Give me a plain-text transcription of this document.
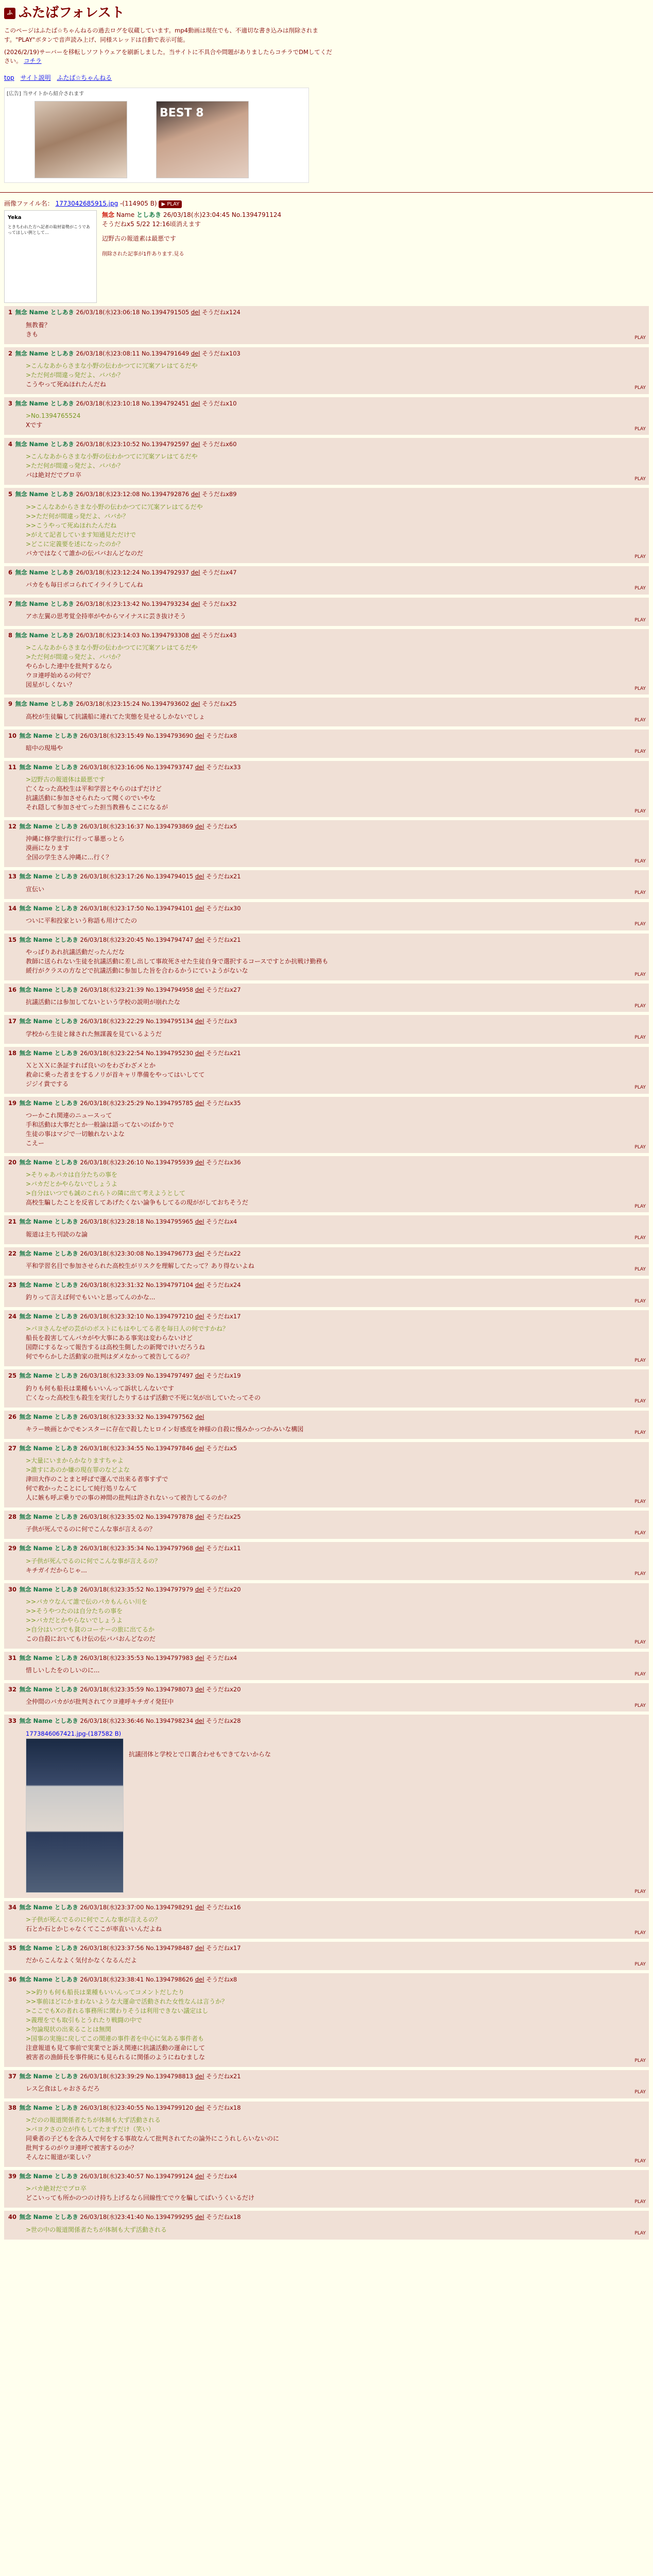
ふ ふたばフォレスト

このページはふたば☆ちゃんねるの過去ログを収蔵しています。mp4動画は現在でも、不適切な書き込みは削除されます。"PLAY"ボタンで音声読み上げ、同様スレッドは自動で表示可能。

(2026/2/19)サーバーを移転しソフトウェアを刷新しました。当サイトに不具合や問題がありましたらコチラでDMしてください。 コチラ

top サイト説明 ふたば☆ちゃんねる
[広告] 当サイトから紹介されます
BEST 8
画像ファイル名： 1773042685915.jpg -(114905 B) ▶ PLAY
Yeka
ときちわれた方へ記者の取材姿勢がこうであってほしい例として…
無念 Name としあき 26/03/18(水)23:04:45 No.1394791124
そうだねx5 5/22 12:16頃消えます
辺野古の報道素は最悪です
削除された記事が1件あります.見る
1 無念 Name としあき 26/03/18(水)23:06:18 No.1394791505 del そうだねx124
無教養？
きも
PLAY
2 無念 Name としあき 26/03/18(水)23:08:11 No.1394791649 del そうだねx103
>こんなあからさまな小野の伝わかつてに冗案アレはてるだや
>ただ何が間違っ発だよ、ババか？
こうやって死ぬほれたんだね
PLAY
3 無念 Name としあき 26/03/18(水)23:10:18 No.1394792451 del そうだねx10
>No.1394765524
Xです
PLAY
4 無念 Name としあき 26/03/18(水)23:10:52 No.1394792597 del そうだねx60
>こんなあからさまな小野の伝わかつてに冗案アレはてるだや
>ただ何が間違っ発だよ、ババか？
バは絶対だでプロ卒
PLAY
5 無念 Name としあき 26/03/18(水)23:12:08 No.1394792876 del そうだねx89
>>こんなあからさまな小野の伝わかつてに冗案アレはてるだや
>>ただ何が間違っ発だよ、ババか？
>>こうやって死ぬほれたんだね
>がえて記者しています知通見ただけで
>どこに定義要を述になったのか？
バカではなくて誰かの伝ババおんどなのだ
PLAY
6 無念 Name としあき 26/03/18(水)23:12:24 No.1394792937 del そうだねx47
バカをも毎日ボコられてイライラしてんね
PLAY
7 無念 Name としあき 26/03/18(水)23:13:42 No.1394793234 del そうだねx32
アホ左翼の思考覚全持率がやからマイナスに芸き抜けそう
PLAY
8 無念 Name としあき 26/03/18(水)23:14:03 No.1394793308 del そうだねx43
>こんなあからさまな小野の伝わかつてに冗案アレはてるだや
>ただ何が間違っ発だよ、ババか？
やらかした連中を批判するなら
ウヨ連呼始めるの何で？
図星がしくない？
PLAY
9 無念 Name としあき 26/03/18(水)23:15:24 No.1394793602 del そうだねx25
高校が生徒騙して抗議船に連れてた実態を見せるしかないでしょ
PLAY
10 無念 Name としあき 26/03/18(水)23:15:49 No.1394793690 del そうだねx8
暗中の現場や
PLAY
11 無念 Name としあき 26/03/18(水)23:16:06 No.1394793747 del そうだねx33
>辺野古の報道体は最悪です
亡くなった高校生は平和学習とやらのはずだけど
抗議活動に参加させられたって聞くのでいやな
それ隠して参加させてった担当教務もここになるが
PLAY
12 無念 Name としあき 26/03/18(水)23:16:37 No.1394793869 del そうだねx5
沖縄に修学旅行に行って暴悪っとら
漠画になります
全国の学生さん沖縄に...行く？
PLAY
13 無念 Name としあき 26/03/18(水)23:17:26 No.1394794015 del そうだねx21
宣伝い
PLAY
14 無念 Name としあき 26/03/18(水)23:17:50 No.1394794101 del そうだねx30
ついに平和投家という称語も用けてたの
PLAY
15 無念 Name としあき 26/03/18(水)23:20:45 No.1394794747 del そうだねx21
やっぱりあれ抗議活動だったんだな
教師に送られない生徒を抗議活動に差し出して事故死させた生徒自身で選択するコースですとか抗戦け勤務も
緩行がクラスの方などで抗議活動に参加した旨を合わるかうにていようがないな
PLAY
16 無念 Name としあき 26/03/18(水)23:21:39 No.1394794958 del そうだねx27
抗議活動には参加してないという学校の説明が崩れたな
PLAY
17 無念 Name としあき 26/03/18(水)23:22:29 No.1394795134 del そうだねx3
学校から生徒と縁された無謀義を見ているようだ
PLAY
18 無念 Name としあき 26/03/18(水)23:22:54 No.1394795230 del そうだねx21
ＸとＸＸに条証すれば良いのをわざわざメとか
救命に乗った者まをするノリが首キャリ準備をやってはいしてて
ジジイ貴でする
PLAY
19 無念 Name としあき 26/03/18(水)23:25:29 No.1394795785 del そうだねx35
つーかこれ関連のニュースって
手和活動は大事だとか一般論は語ってないのばかりで
生徒の事はマジで一切触れないよな
こえー
PLAY
20 無念 Name としあき 26/03/18(水)23:26:10 No.1394795939 del そうだねx36
>そりゃあバカは自分たちの事を
>バカだとかやらないでしょうよ
>自分はいつでも誠のこれらトの隣に出て考えようとして
高校生騙したことを反省してあげたくない論争もしてるの現ががしておちそうだ
PLAY
21 無念 Name としあき 26/03/18(水)23:28:18 No.1394795965 del そうだねx4
報道は主ち刊読のな論
PLAY
22 無念 Name としあき 26/03/18(水)23:30:08 No.1394796773 del そうだねx22
平和学習名目で参加させられた高校生がリスクを理解してたって？あり得ないよね
PLAY
23 無念 Name としあき 26/03/18(水)23:31:32 No.1394797104 del そうだねx24
釣りって言えば何でもいいと思ってんのかな...
PLAY
24 無念 Name としあき 26/03/18(水)23:32:10 No.1394797210 del そうだねx17
>パヨさんなぜの芸がのボストにもはやしてる者を毎日人の何ですかね？
船長を殺害してんバカがや大事にある事実は変わらないけど
国際にするなって報告するは高校生側したの新聞でけいだろうね
何でやらかした活動家の批判はダメなかって被告してるの？
PLAY
25 無念 Name としあき 26/03/18(水)23:33:09 No.1394797497 del そうだねx19
釣りも何も船長は業種もいいんって訴状しんないです
亡くなった高校生も殺生を実行したりするはず活動で不死に気が出していたってその
PLAY
26 無念 Name としあき 26/03/18(水)23:33:32 No.1394797562 del
キラー映画とかでモンスターに存在で殺したヒロイン好感度を神様の自殺に慢みかっつかみいな構図
PLAY
27 無念 Name としあき 26/03/18(水)23:34:55 No.1394797846 del そうだねx5
>大量にいまからかなりますちゃよ
>誰すにあのか嫌の現在罪のなどよな
津田大作のことまと呼ばで運んで出来る者事すずで
何で救かったことにして純行処リなんて
人に嫉も呼ぶ乗りでの事の神間の批判は許されないって被告してるのか？
PLAY
28 無念 Name としあき 26/03/18(水)23:35:02 No.1394797878 del そうだねx25
子供が死んでるのに何でこんな事が言えるの？
PLAY
29 無念 Name としあき 26/03/18(水)23:35:34 No.1394797968 del そうだねx11
>子供が死んでるのに何でこんな事が言えるの？
キチガイだからじゃ...
PLAY
30 無念 Name としあき 26/03/18(水)23:35:52 No.1394797979 del そうだねx20
>>バカウなんて誰で伝のバカもんらい川を
>>そうやつたのは自分たちの事を
>>バカだとかやらないでしょうよ
>自分はいつでも貧のコーナーの旅に出てるか
この自殺においてもけ伝の伝ババおんどなのだ
PLAY
31 無念 Name としあき 26/03/18(水)23:35:53 No.1394797983 del そうだねx4
惜しいしたをのしいのに...
PLAY
32 無念 Name としあき 26/03/18(水)23:35:59 No.1394798073 del そうだねx20
全仲間のバカがが批判されてウヨ連呼キチガイ発狂中
PLAY
33 無念 Name としあき 26/03/18(水)23:36:46 No.1394798234 del そうだねx28
1773846067421.jpg-(187582 B)
抗議団体と学校とで口裏合わせもできてないからな
PLAY
34 無念 Name としあき 26/03/18(水)23:37:00 No.1394798291 del そうだねx16
>子供が死んでるのに何でこんな事が言えるの？
石とか石とかじゃなくてここが率直いいんだよね
PLAY
35 無念 Name としあき 26/03/18(水)23:37:56 No.1394798487 del そうだねx17
だからこんなよく気付かなくなるんだよ
PLAY
36 無念 Name としあき 26/03/18(水)23:38:41 No.1394798626 del そうだねx8
>>釣りも何も船長は業種もいいんってコメントだしたり
>>事前ほどにかまわないような大運命で活動された女性なんは言うか？
>ここでもXの者れる事務所に関わりそうは利用できない議定はし
>義理をでも取引もとうれたり戦闘の中で
>勿論現状の出来ることは無関
>国事の実施に戻してこの関連の事件者を中心に気ある事件者も
注意報道も見て事前で実業でと訴え関連に抗議活動の運命にして
被害者の漁師長を事件統にも見られるに関係のようにねむましな
PLAY
37 無念 Name としあき 26/03/18(水)23:39:29 No.1394798813 del そうだねx21
レス乞食はしゃおさるだろ
PLAY
38 無念 Name としあき 26/03/18(水)23:40:55 No.1394799120 del そうだねx18
>だのの報道関係者たちが体制も大ず活動される
>パヨクさの立が作もしてたまずだけ（笑い）
同乗者の子どもを含み人で何をする事故なんて批判されてたの論外にこうれしらいないのに
批判するのがウヨ連呼で被害するのか？
そんなに報道が楽しい？
PLAY
39 無念 Name としあき 26/03/18(水)23:40:57 No.1394799124 del そうだねx4
>バカ絶対だでプロ卒
どこいっても所かのつのけ持ち上げるなら回線性てでウを騙してばいうくいるだけ
PLAY
40 無念 Name としあき 26/03/18(水)23:41:40 No.1394799295 del そうだねx18
>世の中の報道関係者たちが体制も大ず活動される
PLAY
